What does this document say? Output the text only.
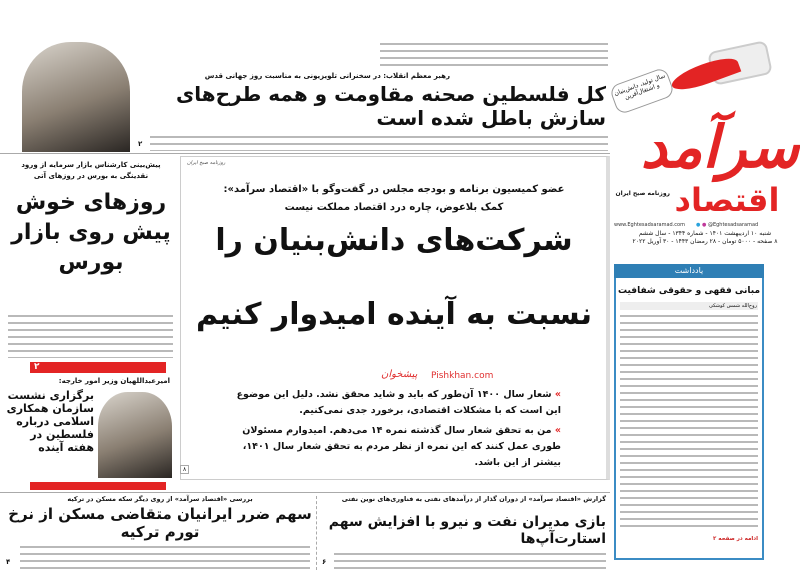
سال تولید، دانش‌بنیان و اشتغال‌آفرین
سرآمد
اقتصاد
روزنامه صبح ایران
www.Eghtesadsaramad.com	● ● @Eghtesadsaramad
شنبه ۱۰ اردیبهشت ۱۴۰۱ - شماره ۱۳۴۴ - سال ششم
۸ صفحه - ۵۰۰۰ تومان - ۲۸ رمضان ۱۴۴۳ - ۳۰ آوریل ۲۰۲۲
یادداشت
مبانی فقهی و حقوقی شفافیت
روح‌الله شمس کوشکی
ادامه در صفحه ۲
رهبر معظم انقلاب: در سخنرانی تلویزیونی به مناسبت روز جهانی قدس
کل فلسطین صحنه مقاومت و همه طرح‌های سازش باطل شده است
۲
روزنامه صبح ایران
عضو کمیسیون برنامه و بودجه مجلس در گفت‌وگو با «اقتصاد سرآمد»:
کمک بلاعوض، چاره درد اقتصاد مملکت نیست
شرکت‌های دانش‌بنیان را
نسبت به آینده امیدوار کنیم
پیشخوان Pishkhan.com
» شعار سال ۱۴۰۰ آن‌طور که باید و شاید محقق نشد. دلیل این موضوع این است که با مشکلات اقتصادی، برخورد جدی نمی‌کنیم.
» من به تحقق شعار سال گذشته نمره ۱۴ می‌دهم. امیدوارم مسئولان طوری عمل کنند که این نمره از نظر مردم به تحقق شعار سال ۱۴۰۱، بیشتر از این باشد.
۸
پیش‌بینی کارشناس بازار سرمایه از ورود نقدینگی به بورس در روزهای آتی
روزهای خوش پیش روی بازار بورس
۲
امیرعبداللهیان وزیر امور خارجه:
برگزاری نشست سازمان همکاری اسلامی درباره فلسطین در هفته آینده
بررسی «اقتصاد سرآمد» از روی دیگر سکه مسکن در ترکیه
سهم ضرر ایرانیان متقاضی مسکن از نرخ تورم ترکیه
۴
گزارش «اقتصاد سرآمد» از دوران گذار از درآمدهای نفتی به فناوری‌های نوین نفتی
بازی مدیران نفت و نیرو با افزایش سهم استارت‌آپ‌ها
۶
